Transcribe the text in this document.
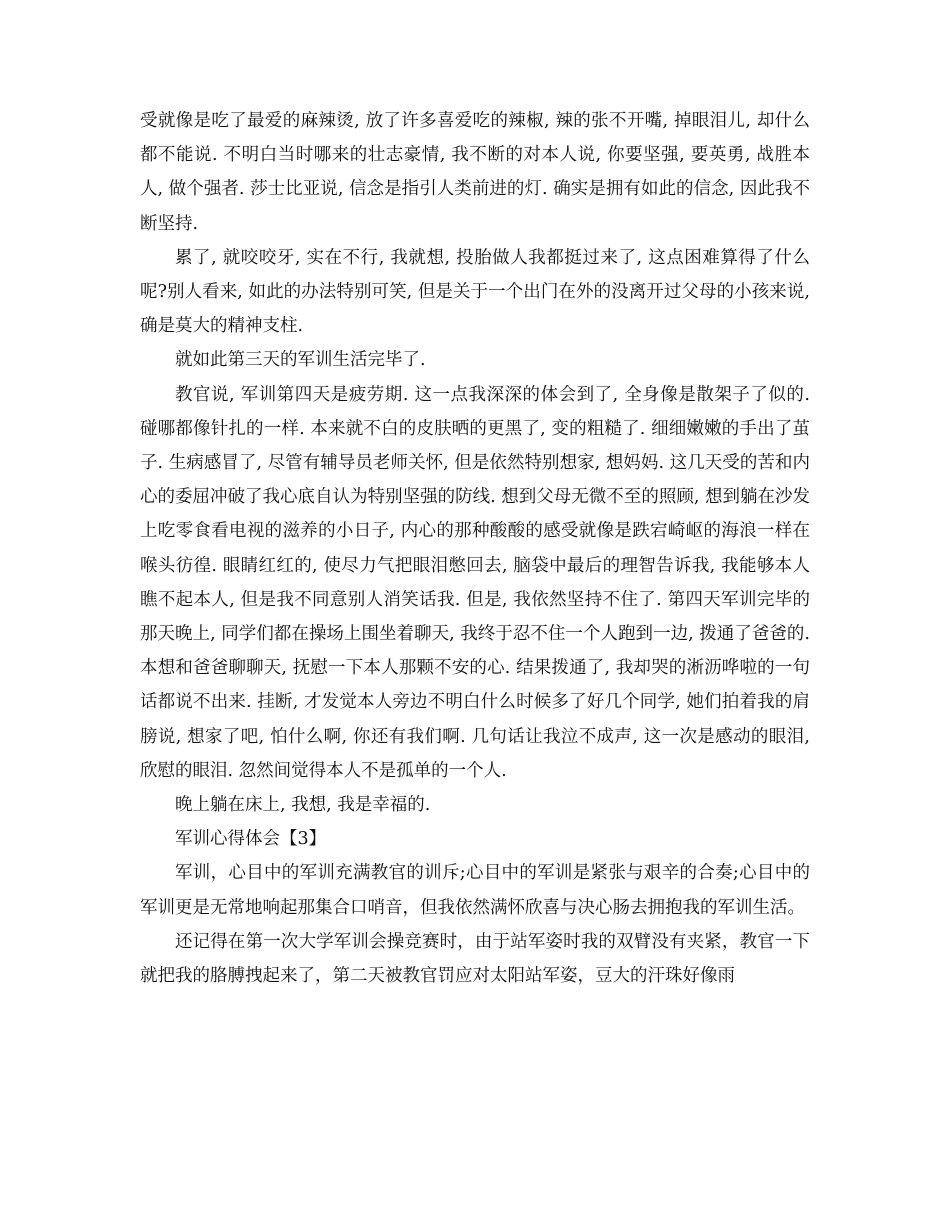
受就像是吃了最爱的麻辣烫, 放了许多喜爱吃的辣椒, 辣的张不开嘴, 掉眼泪儿, 却什么都不能说. 不明白当时哪来的壮志豪情, 我不断的对本人说, 你要坚强, 要英勇, 战胜本人, 做个强者. 莎士比亚说, 信念是指引人类前进的灯. 确实是拥有如此的信念, 因此我不断坚持.

累了, 就咬咬牙, 实在不行, 我就想, 投胎做人我都挺过来了, 这点困难算得了什么呢?别人看来, 如此的办法特别可笑, 但是关于一个出门在外的没离开过父母的小孩来说, 确是莫大的精神支柱.

就如此第三天的军训生活完毕了.

教官说, 军训第四天是疲劳期. 这一点我深深的体会到了, 全身像是散架子了似的. 碰哪都像针扎的一样. 本来就不白的皮肤晒的更黑了, 变的粗糙了. 细细嫩嫩的手出了茧子. 生病感冒了, 尽管有辅导员老师关怀, 但是依然特别想家, 想妈妈. 这几天受的苦和内心的委屈冲破了我心底自认为特别坚强的防线. 想到父母无微不至的照顾, 想到躺在沙发上吃零食看电视的滋养的小日子, 内心的那种酸酸的感受就像是跌宕崎岖的海浪一样在喉头彷徨. 眼睛红红的, 使尽力气把眼泪憋回去, 脑袋中最后的理智告诉我, 我能够本人瞧不起本人, 但是我不同意别人消笑话我. 但是, 我依然坚持不住了. 第四天军训完毕的那天晚上, 同学们都在操场上围坐着聊天, 我终于忍不住一个人跑到一边, 拨通了爸爸的. 本想和爸爸聊聊天, 抚慰一下本人那颗不安的心. 结果拨通了, 我却哭的淅沥哗啦的一句话都说不出来. 挂断, 才发觉本人旁边不明白什么时候多了好几个同学, 她们拍着我的肩膀说, 想家了吧, 怕什么啊, 你还有我们啊. 几句话让我泣不成声, 这一次是感动的眼泪, 欣慰的眼泪. 忽然间觉得本人不是孤单的一个人.

晚上躺在床上, 我想, 我是幸福的.

军训心得体会【3】

军训，心目中的军训充满教官的训斥;心目中的军训是紧张与艰辛的合奏;心目中的军训更是无常地响起那集合口哨音，但我依然满怀欣喜与决心肠去拥抱我的军训生活。

还记得在第一次大学军训会操竞赛时，由于站军姿时我的双臂没有夹紧，教官一下就把我的胳膊拽起来了，第二天被教官罚应对太阳站军姿，豆大的汗珠好像雨
